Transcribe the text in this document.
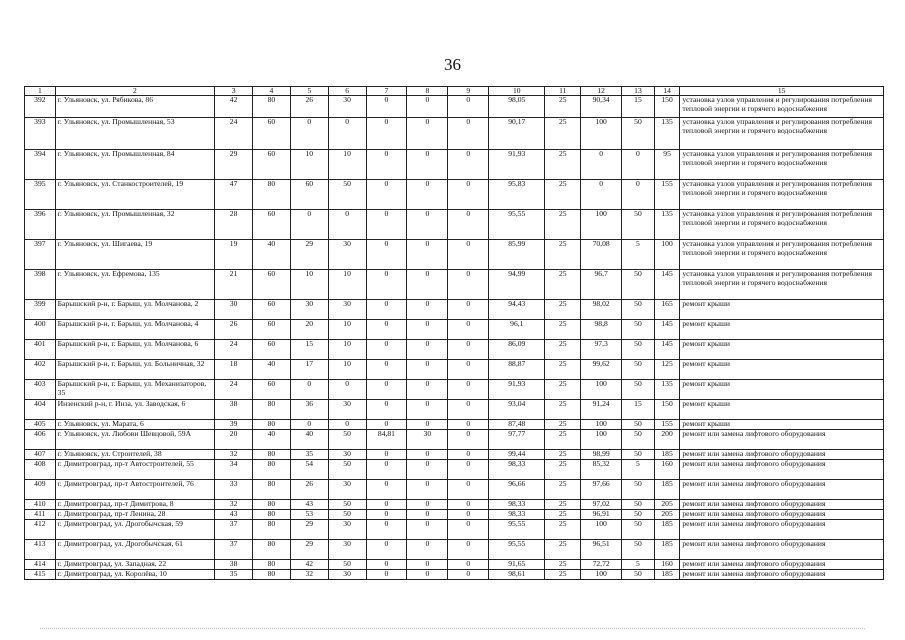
36
1	2	3	4	5	6	7	8	9	10	11	12	13	14	15
392	г. Ульяновск, ул. Рябикова, 86	42	80	26	30	0	0	0	98,05	25	90,34	15	150	установка узлов управления и регулирования потребления тепловой энергии и горячего водоснабжения
393	г. Ульяновск, ул. Промышленная, 53	24	60	0	0	0	0	0	90,17	25	100	50	135	установка узлов управления и регулирования потребления тепловой энергии и горячего водоснабжения
394	г. Ульяновск, ул. Промышленная, 84	29	60	10	10	0	0	0	91,93	25	0	0	95	установка узлов управления и регулирования потребления тепловой энергии и горячего водоснабжения
395	г. Ульяновск, ул. Станкостроителей, 19	47	80	60	50	0	0	0	95,83	25	0	0	155	установка узлов управления и регулирования потребления тепловой энергии и горячего водоснабжения
396	г. Ульяновск, ул. Промышленная, 32	28	60	0	0	0	0	0	95,55	25	100	50	135	установка узлов управления и регулирования потребления тепловой энергии и горячего водоснабжения
397	г. Ульяновск, ул. Шигаева, 19	19	40	29	30	0	0	0	85,99	25	70,08	5	100	установка узлов управления и регулирования потребления тепловой энергии и горячего водоснабжения
398	г. Ульяновск, ул. Ефремова, 135	21	60	10	10	0	0	0	94,99	25	96,7	50	145	установка узлов управления и регулирования потребления тепловой энергии и горячего водоснабжения
399	Барышский р-н, г. Барыш, ул. Молчанова, 2	30	60	30	30	0	0	0	94,43	25	98,02	50	165	ремонт крыши
400	Барышский р-н, г. Барыш, ул. Молчанова, 4	26	60	20	10	0	0	0	96,1	25	98,8	50	145	ремонт крыши
401	Барышский р-н, г. Барыш, ул. Молчанова, 6	24	60	15	10	0	0	0	86,09	25	97,3	50	145	ремонт крыши
402	Барышский р-н, г. Барыш, ул. Больничная, 32	18	40	17	10	0	0	0	88,87	25	99,62	50	125	ремонт крыши
403	Барышский р-н, г. Барыш, ул. Механизаторов, 35	24	60	0	0	0	0	0	91,93	25	100	50	135	ремонт крыши
404	Инзенский р-н, г. Инза, ул. Заводская, 6	38	80	36	30	0	0	0	93,04	25	91,24	15	150	ремонт крыши
405	г. Ульяновск, ул. Марата, 6	39	80	0	0	0	0	0	87,48	25	100	50	155	ремонт крыши
406	г. Ульяновск, ул. Любови Шевцовой, 59А	20	40	40	50	84,81	30	0	97,77	25	100	50	200	ремонт или замена лифтового оборудования
407	г. Ульяновск, ул. Строителей, 38	32	80	35	30	0	0	0	99,44	25	98,99	50	185	ремонт или замена лифтового оборудования
408	г. Димитровград, пр-т Автостроителей, 55	34	80	54	50	0	0	0	98,33	25	85,32	5	160	ремонт или замена лифтового оборудования
409	г. Димитровград, пр-т Автостроителей, 76	33	80	26	30	0	0	0	96,66	25	97,66	50	185	ремонт или замена лифтового оборудования
410	г. Димитровград, пр-т Димитрова, 8	32	80	43	50	0	0	0	98,33	25	97,02	50	205	ремонт или замена лифтового оборудования
411	г. Димитровград, пр-т Ленина, 28	43	80	53	50	0	0	0	98,33	25	96,91	50	205	ремонт или замена лифтового оборудования
412	г. Димитровград, ул. Дрогобычская, 59	37	80	29	30	0	0	0	95,55	25	100	50	185	ремонт или замена лифтового оборудования
413	г. Димитровград, ул. Дрогобычская, 61	37	80	29	30	0	0	0	95,55	25	96,51	50	185	ремонт или замена лифтового оборудования
414	г. Димитровград, ул. Западная, 22	38	80	42	50	0	0	0	91,65	25	72,72	5	160	ремонт или замена лифтового оборудования
415	г. Димитровград, ул. Королёва, 10	35	80	32	30	0	0	0	98,61	25	100	50	185	ремонт или замена лифтового оборудования
